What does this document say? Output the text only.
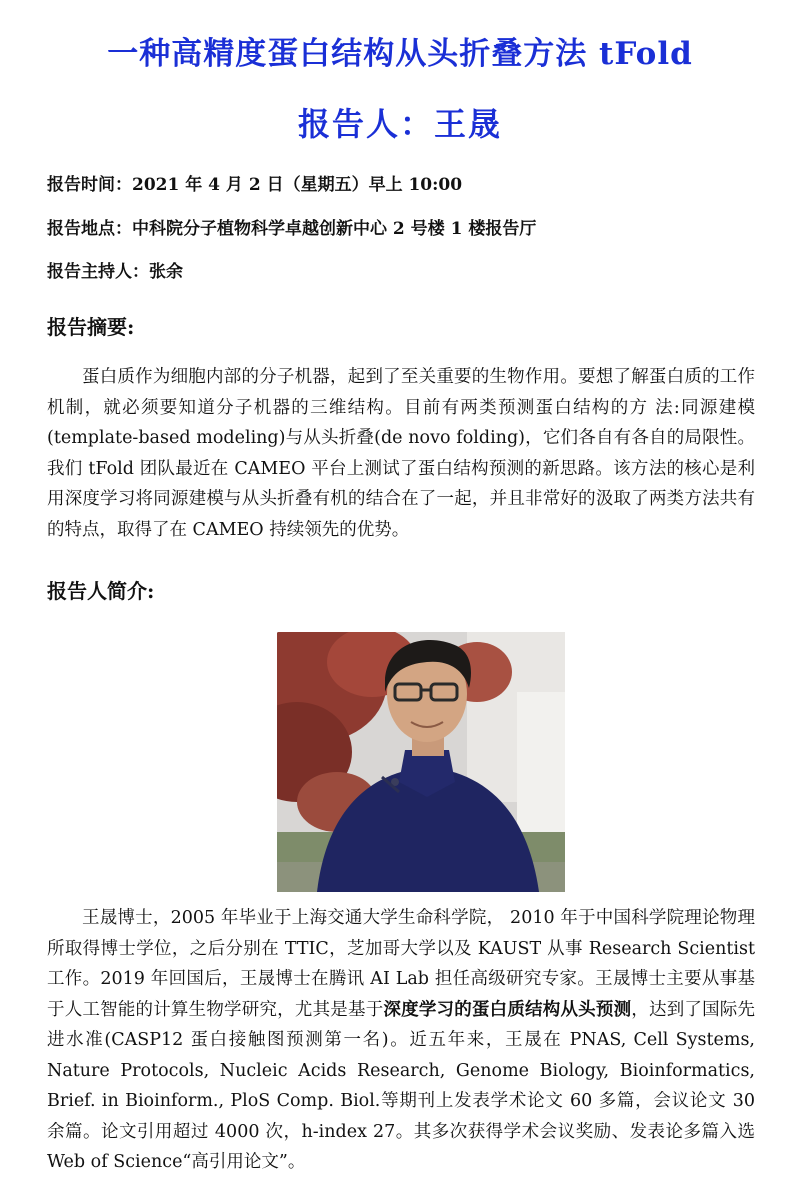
一种高精度蛋白结构从头折叠方法 tFold
报告人：王晟
报告时间：2021 年 4 月 2 日（星期五）早上 10:00
报告地点：中科院分子植物科学卓越创新中心 2 号楼 1 楼报告厅
报告主持人：张余
报告摘要:

蛋白质作为细胞内部的分子机器，起到了至关重要的生物作用。要想了解蛋白质的工作机制，就必须要知道分子机器的三维结构。目前有两类预测蛋白结构的方 法:同源建模(template-based modeling)与从头折叠(de novo folding)，它们各自有各自的局限性。我们 tFold 团队最近在 CAMEO 平台上测试了蛋白结构预测的新思路。该方法的核心是利用深度学习将同源建模与从头折叠有机的结合在了一起，并且非常好的汲取了两类方法共有的特点，取得了在 CAMEO 持续领先的优势。

报告人简介:

王晟博士，2005 年毕业于上海交通大学生命科学院， 2010 年于中国科学院理论物理所取得博士学位，之后分别在 TTIC，芝加哥大学以及 KAUST 从事 Research Scientist 工作。2019 年回国后，王晟博士在腾讯 AI Lab 担任高级研究专家。王晟博士主要从事基于人工智能的计算生物学研究，尤其是基于深度学习的蛋白质结构从头预测，达到了国际先进水准(CASP12 蛋白接触图预测第一名)。近五年来，王晟在 PNAS, Cell Systems, Nature Protocols, Nucleic Acids Research, Genome Biology, Bioinformatics, Brief. in Bioinform., PloS Comp. Biol.等期刊上发表学术论文 60 多篇，会议论文 30 余篇。论文引用超过 4000 次，h-index 27。其多次获得学术会议奖励、发表论多篇入选 Web of Science“高引用论文”。
